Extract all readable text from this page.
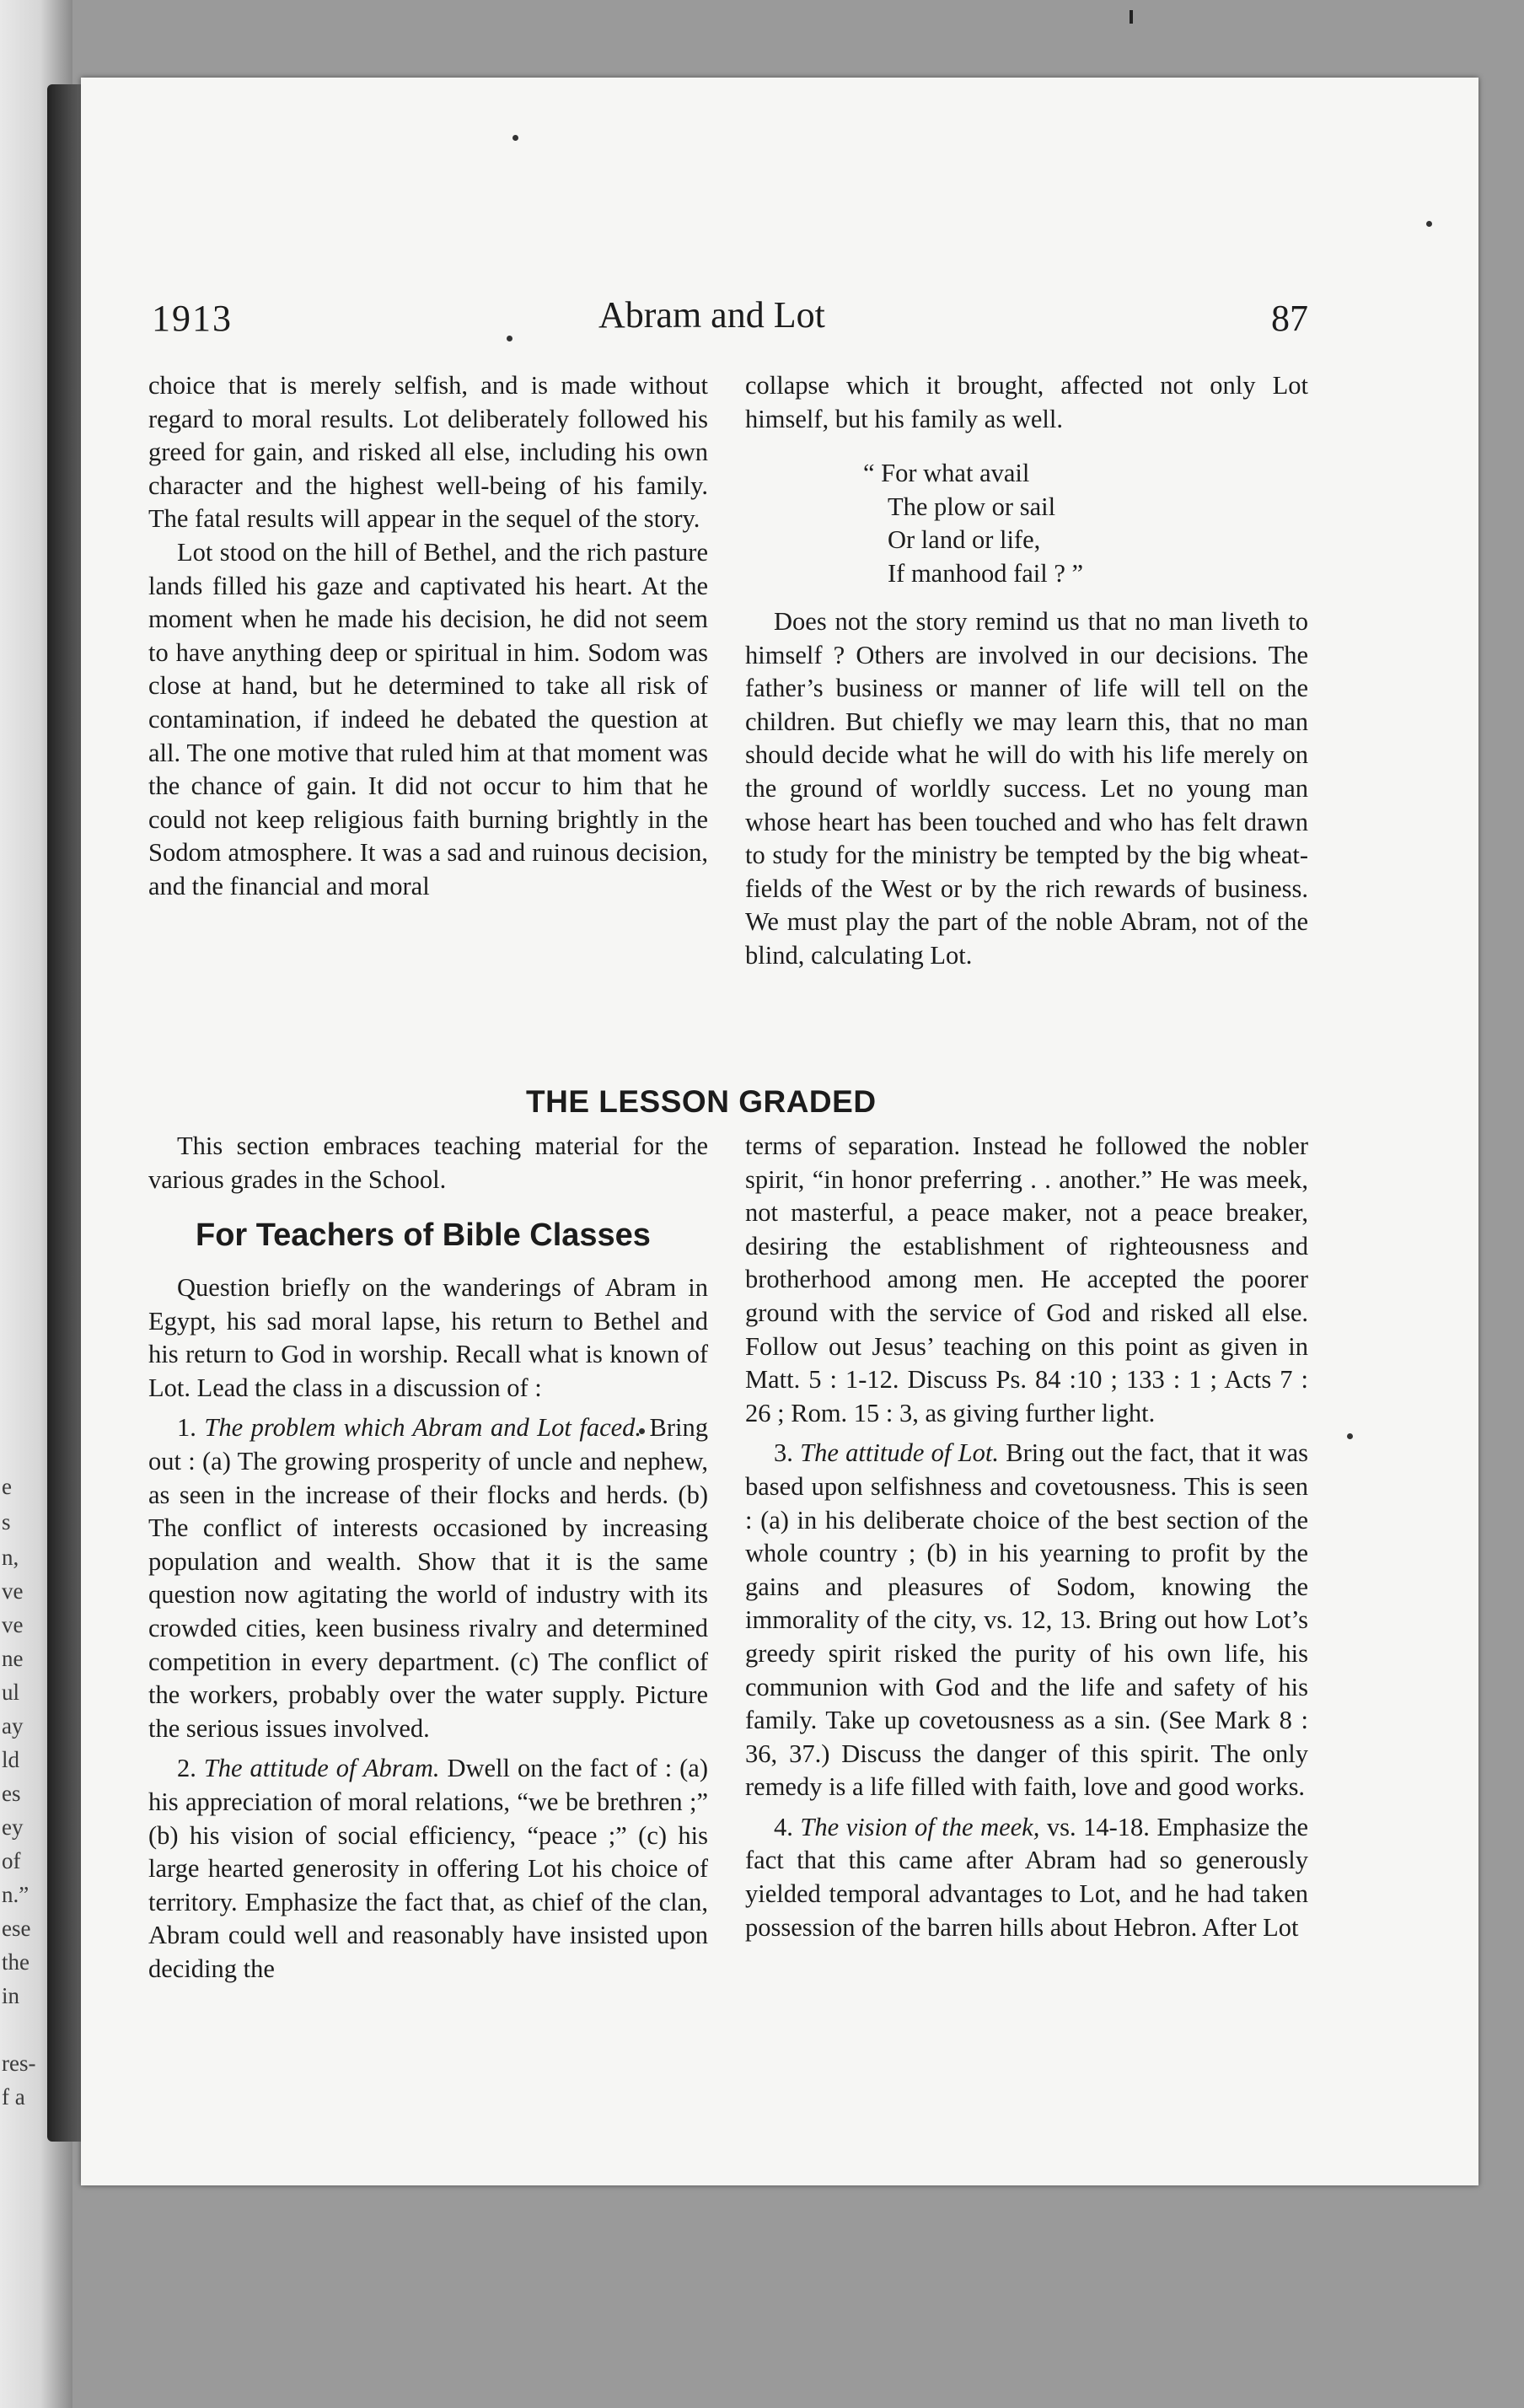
e
s
n,
ve
ve
ne
ul
ay
ld
es
ey
of
n.”
ese
the
in
res-
f a
1913	Abram and Lot	87

choice that is merely selfish, and is made without regard to moral results. Lot deliberately followed his greed for gain, and risked all else, including his own character and the highest well-being of his family. The fatal results will appear in the sequel of the story.

Lot stood on the hill of Bethel, and the rich pasture lands filled his gaze and captivated his heart. At the moment when he made his decision, he did not seem to have anything deep or spiritual in him. Sodom was close at hand, but he determined to take all risk of contamination, if indeed he debated the question at all. The one motive that ruled him at that moment was the chance of gain. It did not occur to him that he could not keep religious faith burning brightly in the Sodom atmosphere. It was a sad and ruinous decision, and the financial and moral

collapse which it brought, affected not only Lot himself, but his family as well.

“ For what avail
The plow or sail
Or land or life,
If manhood fail ? ”

Does not the story remind us that no man liveth to himself ? Others are involved in our decisions. The father’s business or manner of life will tell on the children. But chiefly we may learn this, that no man should decide what he will do with his life merely on the ground of worldly success. Let no young man whose heart has been touched and who has felt drawn to study for the ministry be tempted by the big wheat-fields of the West or by the rich rewards of business. We must play the part of the noble Abram, not of the blind, calculating Lot.

THE LESSON GRADED

This section embraces teaching material for the various grades in the School.

For Teachers of Bible Classes

Question briefly on the wanderings of Abram in Egypt, his sad moral lapse, his return to Bethel and his return to God in worship. Recall what is known of Lot. Lead the class in a discussion of :

1. The problem which Abram and Lot faced. Bring out : (a) The growing prosperity of uncle and nephew, as seen in the increase of their flocks and herds. (b) The conflict of interests occasioned by increasing population and wealth. Show that it is the same question now agitating the world of industry with its crowded cities, keen business rivalry and determined competition in every department. (c) The conflict of the workers, probably over the water supply. Picture the serious issues involved.

2. The attitude of Abram. Dwell on the fact of : (a) his appreciation of moral relations, “we be brethren ;” (b) his vision of social efficiency, “peace ;” (c) his large hearted generosity in offering Lot his choice of territory. Emphasize the fact that, as chief of the clan, Abram could well and reasonably have insisted upon deciding the

terms of separation. Instead he followed the nobler spirit, “in honor preferring . . another.” He was meek, not masterful, a peace maker, not a peace breaker, desiring the establishment of righteousness and brotherhood among men. He accepted the poorer ground with the service of God and risked all else. Follow out Jesus’ teaching on this point as given in Matt. 5 : 1-12. Discuss Ps. 84 :10 ; 133 : 1 ; Acts 7 : 26 ; Rom. 15 : 3, as giving further light.

3. The attitude of Lot. Bring out the fact, that it was based upon selfishness and covetousness. This is seen : (a) in his deliberate choice of the best section of the whole country ; (b) in his yearning to profit by the gains and pleasures of Sodom, knowing the immorality of the city, vs. 12, 13. Bring out how Lot’s greedy spirit risked the purity of his own life, his communion with God and the life and safety of his family. Take up covetousness as a sin. (See Mark 8 : 36, 37.) Discuss the danger of this spirit. The only remedy is a life filled with faith, love and good works.

4. The vision of the meek, vs. 14-18. Emphasize the fact that this came after Abram had so generously yielded temporal advantages to Lot, and he had taken possession of the barren hills about Hebron. After Lot
